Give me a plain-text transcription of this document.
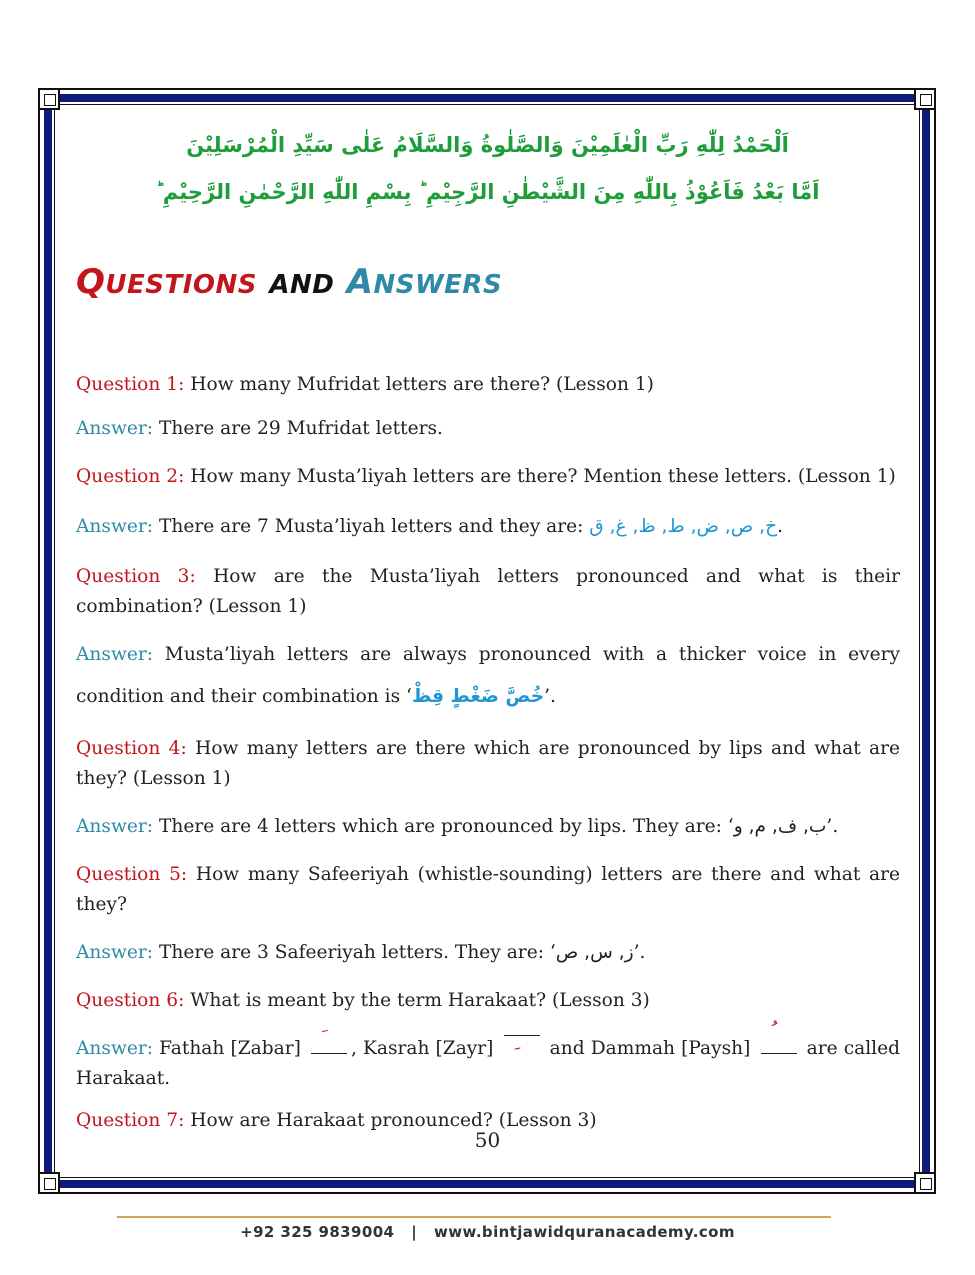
اَلْحَمْدُ لِلّٰهِ رَبِّ الْعٰلَمِيْنَ وَالصَّلٰوةُ وَالسَّلَامُ عَلٰى سَيِّدِ الْمُرْسَلِيْنَ
اَمَّا بَعْدُ فَاَعُوْذُ بِاللّٰهِ مِنَ الشَّيْطٰنِ الرَّجِيْمِ ؕ بِسْمِ اللّٰهِ الرَّحْمٰنِ الرَّحِيْمِ ؕ
QUESTIONS AND ANSWERS

Question 1: How many Mufridat letters are there? (Lesson 1)

Answer: There are 29 Mufridat letters.

Question 2: How many Musta’liyah letters are there? Mention these letters. (Lesson 1)

Answer: There are 7 Musta’liyah letters and they are: خ, ص, ض, ط, ظ, غ, ق.

Question 3: How are the Musta’liyah letters pronounced and what is their combination? (Lesson 1)

Answer: Musta’liyah letters are always pronounced with a thicker voice in every condition and their combination is ‘خُصَّ ضَغْطٍ قِظْ’.

Question 4: How many letters are there which are pronounced by lips and what are they? (Lesson 1)

Answer: There are 4 letters which are pronounced by lips. They are: ‘ب, ف, م, و’.

Question 5: How many Safeeriyah (whistle-sounding) letters are there and what are they?

Answer: There are 3 Safeeriyah letters. They are: ‘ز, س, ص’.

Question 6: What is meant by the term Harakaat? (Lesson 3)

Answer: Fathah [Zabar]
, Kasrah [Zayr]
and Dammah [Paysh]
are called Harakaat.

Question 7: How are Harakaat pronounced? (Lesson 3)

50
+92 325 9839004 | www.bintjawidquranacademy.com
